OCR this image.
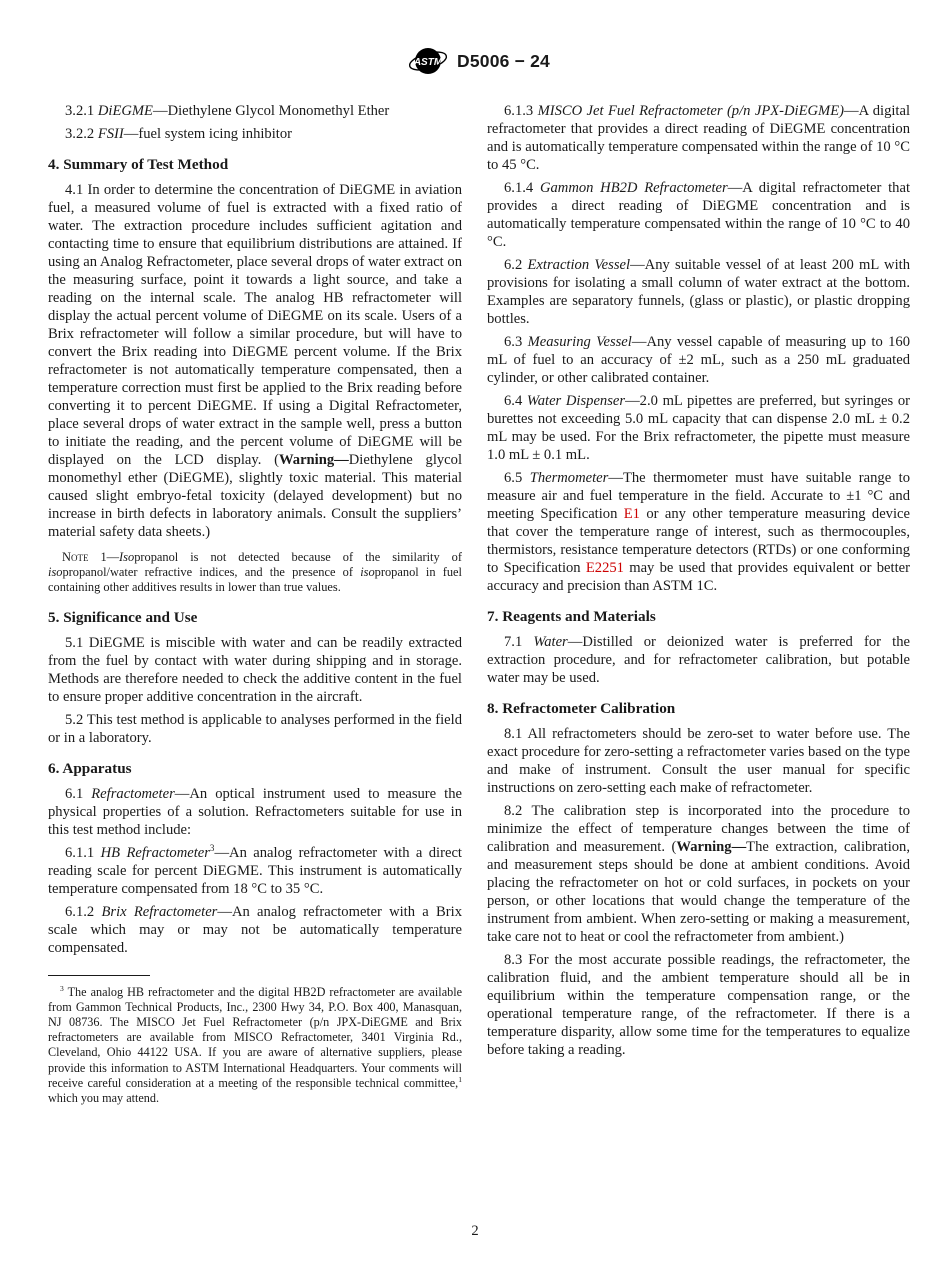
ASTM D5006 − 24

3.2.1 DiEGME—Diethylene Glycol Monomethyl Ether

3.2.2 FSII—fuel system icing inhibitor

4. Summary of Test Method

4.1 In order to determine the concentration of DiEGME in aviation fuel, a measured volume of fuel is extracted with a fixed ratio of water. The extraction procedure includes sufficient agitation and contacting time to ensure that equilibrium distributions are attained. If using an Analog Refractometer, place several drops of water extract on the measuring surface, point it towards a light source, and take a reading on the internal scale. The analog HB refractometer will display the actual percent volume of DiEGME on its scale. Users of a Brix refractometer will follow a similar procedure, but will have to convert the Brix reading into DiEGME percent volume. If the Brix refractometer is not automatically temperature compensated, then a temperature correction must first be applied to the Brix reading before converting it to percent DiEGME. If using a Digital Refractometer, place several drops of water extract in the sample well, press a button to initiate the reading, and the percent volume of DiEGME will be displayed on the LCD display. (Warning—Diethylene glycol monomethyl ether (DiEGME), slightly toxic material. This material caused slight embryo-fetal toxicity (delayed development) but no increase in birth defects in laboratory animals. Consult the suppliers’ material safety data sheets.)

Note 1—Isopropanol is not detected because of the similarity of isopropanol/water refractive indices, and the presence of isopropanol in fuel containing other additives results in lower than true values.

5. Significance and Use

5.1 DiEGME is miscible with water and can be readily extracted from the fuel by contact with water during shipping and in storage. Methods are therefore needed to check the additive content in the fuel to ensure proper additive concentration in the aircraft.

5.2 This test method is applicable to analyses performed in the field or in a laboratory.

6. Apparatus

6.1 Refractometer—An optical instrument used to measure the physical properties of a solution. Refractometers suitable for use in this test method include:

6.1.1 HB Refractometer$^3$—An analog refractometer with a direct reading scale for percent DiEGME. This instrument is automatically temperature compensated from 18 °C to 35 °C.

6.1.2 Brix Refractometer—An analog refractometer with a Brix scale which may or may not be automatically temperature compensated.

$^3$ The analog HB refractometer and the digital HB2D refractometer are available from Gammon Technical Products, Inc., 2300 Hwy 34, P.O. Box 400, Manasquan, NJ 08736. The MISCO Jet Fuel Refractometer (p/n JPX-DiEGME and Brix refractometers are available from MISCO Refractometer, 3401 Virginia Rd., Cleveland, Ohio 44122 USA. If you are aware of alternative suppliers, please provide this information to ASTM International Headquarters. Your comments will receive careful consideration at a meeting of the responsible technical committee,$^1$ which you may attend.

6.1.3 MISCO Jet Fuel Refractometer (p/n JPX-DiEGME)—A digital refractometer that provides a direct reading of DiEGME concentration and is automatically temperature compensated within the range of 10 °C to 45 °C.

6.1.4 Gammon HB2D Refractometer—A digital refractometer that provides a direct reading of DiEGME concentration and is automatically temperature compensated within the range of 10 °C to 40 °C.

6.2 Extraction Vessel—Any suitable vessel of at least 200 mL with provisions for isolating a small column of water extract at the bottom. Examples are separatory funnels, (glass or plastic), or plastic dropping bottles.

6.3 Measuring Vessel—Any vessel capable of measuring up to 160 mL of fuel to an accuracy of ±2 mL, such as a 250 mL graduated cylinder, or other calibrated container.

6.4 Water Dispenser—2.0 mL pipettes are preferred, but syringes or burettes not exceeding 5.0 mL capacity that can dispense 2.0 mL ± 0.2 mL may be used. For the Brix refractometer, the pipette must measure 1.0 mL ± 0.1 mL.

6.5 Thermometer—The thermometer must have suitable range to measure air and fuel temperature in the field. Accurate to ±1 °C and meeting Specification E1 or any other temperature measuring device that cover the temperature range of interest, such as thermocouples, thermistors, resistance temperature detectors (RTDs) or one conforming to Specification E2251 may be used that provides equivalent or better accuracy and precision than ASTM 1C.

7. Reagents and Materials

7.1 Water—Distilled or deionized water is preferred for the extraction procedure, and for refractometer calibration, but potable water may be used.

8. Refractometer Calibration

8.1 All refractometers should be zero-set to water before use. The exact procedure for zero-setting a refractometer varies based on the type and make of instrument. Consult the user manual for specific instructions on zero-setting each make of refractometer.

8.2 The calibration step is incorporated into the procedure to minimize the effect of temperature changes between the time of calibration and measurement. (Warning—The extraction, calibration, and measurement steps should be done at ambient conditions. Avoid placing the refractometer on hot or cold surfaces, in pockets on your person, or other locations that would change the temperature of the instrument from ambient. When zero-setting or making a measurement, take care not to heat or cool the refractometer from ambient.)

8.3 For the most accurate possible readings, the refractometer, the calibration fluid, and the ambient temperature should all be in equilibrium within the temperature compensation range, or the operational temperature range, of the refractometer. If there is a temperature disparity, allow some time for the temperatures to equalize before taking a reading.

2
